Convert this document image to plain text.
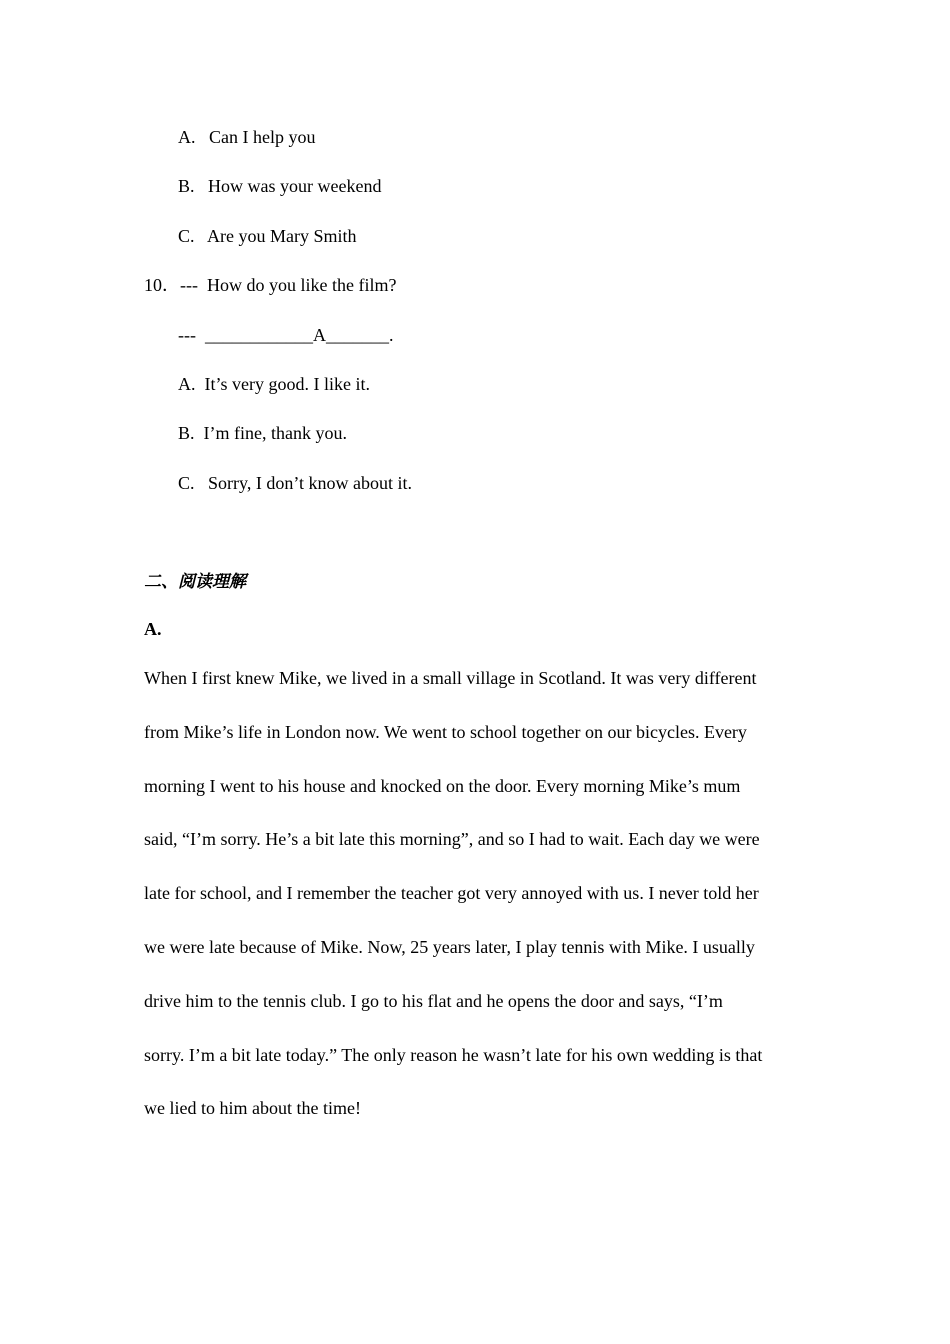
A.   Can I help you
B.   How was your weekend
C.   Are you Mary Smith
10．---  How do you like the film?
---  ____________A_______.
A.  It’s very good. I like it.
B.  I’m fine, thank you.
C.   Sorry, I don’t know about it.
二、阅读理解
A.
When I first knew Mike, we lived in a small village in Scotland. It was very different
from Mike’s life in London now. We went to school together on our bicycles. Every
morning I went to his house and knocked on the door. Every morning Mike’s mum
said, “I’m sorry. He’s a bit late this morning”, and so I had to wait. Each day we were
late for school, and I remember the teacher got very annoyed with us. I never told her
we were late because of Mike. Now, 25 years later, I play tennis with Mike. I usually
drive him to the tennis club. I go to his flat and he opens the door and says, “I’m
sorry. I’m a bit late today.” The only reason he wasn’t late for his own wedding is that
we lied to him about the time!
